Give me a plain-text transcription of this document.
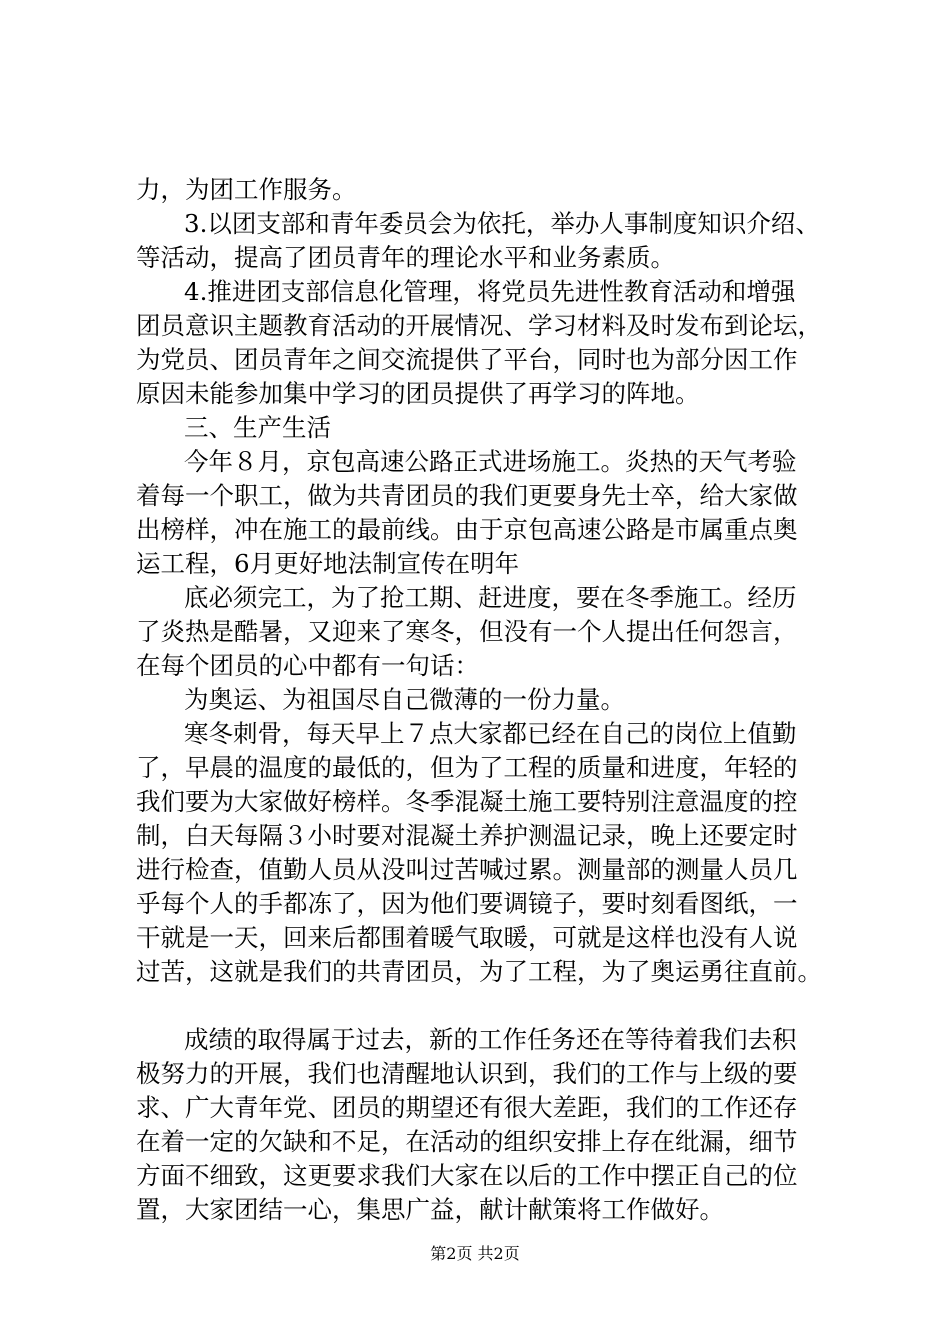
力，为团工作服务。
3.以团支部和青年委员会为依托，举办人事制度知识介绍、
等活动，提高了团员青年的理论水平和业务素质。
4.推进团支部信息化管理，将党员先进性教育活动和增强
团员意识主题教育活动的开展情况、学习材料及时发布到论坛，
为党员、团员青年之间交流提供了平台，同时也为部分因工作
原因未能参加集中学习的团员提供了再学习的阵地。
三、生产生活
今年８月，京包高速公路正式进场施工。炎热的天气考验
着每一个职工，做为共青团员的我们更要身先士卒，给大家做
出榜样，冲在施工的最前线。由于京包高速公路是市属重点奥
运工程，6月更好地法制宣传在明年
底必须完工，为了抢工期、赶进度，要在冬季施工。经历
了炎热是酷暑，又迎来了寒冬，但没有一个人提出任何怨言，
在每个团员的心中都有一句话：
为奥运、为祖国尽自己微薄的一份力量。
寒冬刺骨，每天早上７点大家都已经在自己的岗位上值勤
了，早晨的温度的最低的，但为了工程的质量和进度，年轻的
我们要为大家做好榜样。冬季混凝土施工要特别注意温度的控
制，白天每隔３小时要对混凝土养护测温记录，晚上还要定时
进行检查，值勤人员从没叫过苦喊过累。测量部的测量人员几
乎每个人的手都冻了，因为他们要调镜子，要时刻看图纸，一
干就是一天，回来后都围着暖气取暖，可就是这样也没有人说
过苦，这就是我们的共青团员，为了工程，为了奥运勇往直前。
成绩的取得属于过去，新的工作任务还在等待着我们去积
极努力的开展，我们也清醒地认识到，我们的工作与上级的要
求、广大青年党、团员的期望还有很大差距，我们的工作还存
在着一定的欠缺和不足，在活动的组织安排上存在纰漏，细节
方面不细致，这更要求我们大家在以后的工作中摆正自己的位
置，大家团结一心，集思广益，献计献策将工作做好。
第2页 共2页
